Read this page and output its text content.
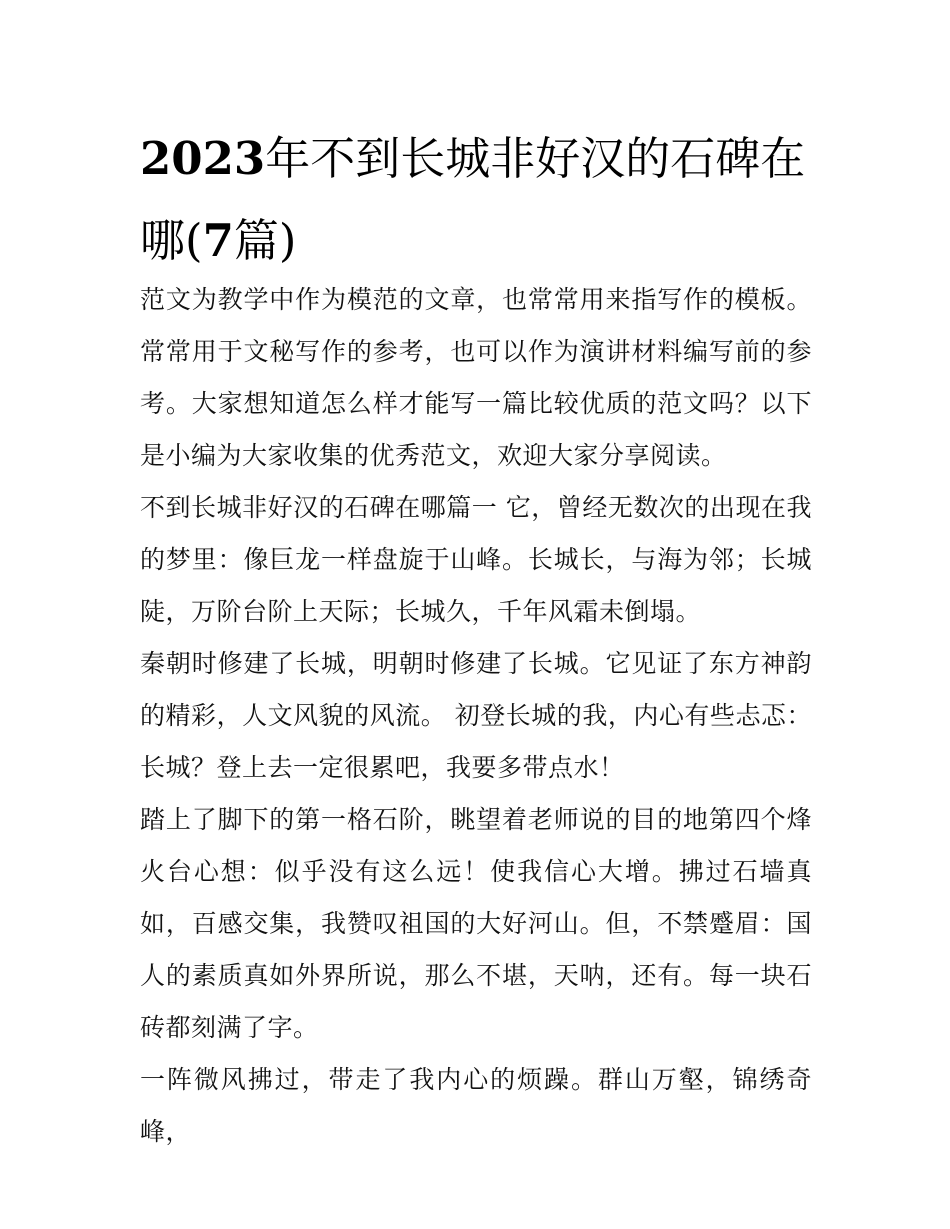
2023年不到长城非好汉的石碑在哪(7篇)

范文为教学中作为模范的文章，也常常用来指写作的模板。常常用于文秘写作的参考，也可以作为演讲材料编写前的参考。大家想知道怎么样才能写一篇比较优质的范文吗？以下是小编为大家收集的优秀范文，欢迎大家分享阅读。

不到长城非好汉的石碑在哪篇一 它，曾经无数次的出现在我的梦里：像巨龙一样盘旋于山峰。长城长，与海为邻；长城陡，万阶台阶上天际；长城久，千年风霜未倒塌。

秦朝时修建了长城，明朝时修建了长城。它见证了东方神韵的精彩，人文风貌的风流。 初登长城的我，内心有些忐忑：长城？登上去一定很累吧，我要多带点水！

踏上了脚下的第一格石阶，眺望着老师说的目的地第四个烽火台心想：似乎没有这么远！使我信心大增。拂过石墙真如，百感交集，我赞叹祖国的大好河山。但，不禁蹙眉：国人的素质真如外界所说，那么不堪，天呐，还有。每一块石砖都刻满了字。

一阵微风拂过，带走了我内心的烦躁。群山万壑，锦绣奇峰，
